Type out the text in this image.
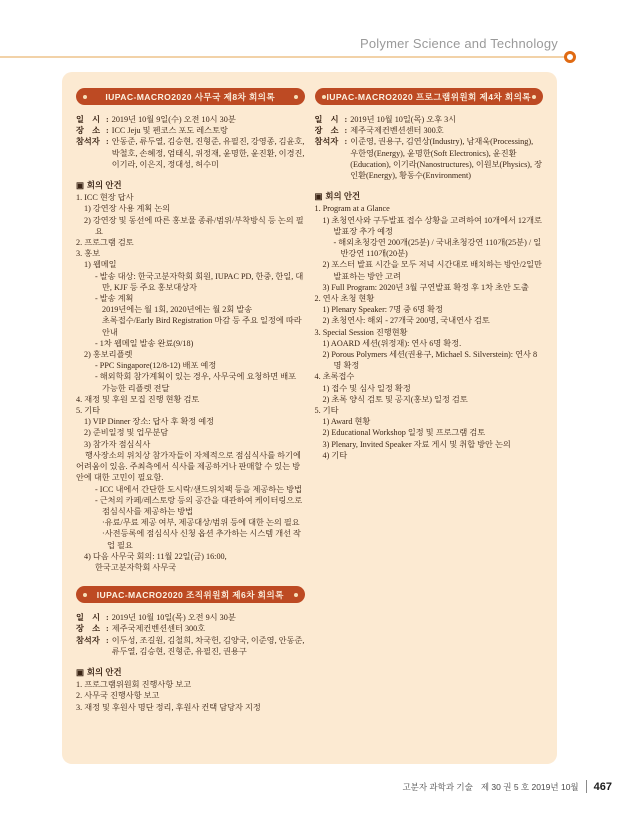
Polymer Science and Technology
IUPAC-MACRO2020 사무국 제8차 회의록
일　시 : 2019년 10월 9일(수) 오전 10시 30분
장　소 : ICC Jeju 및 펜코스 포도 레스토랑
참석자 : 안동준, 류두열, 김승현, 진형준, 유필진, 강영종, 김윤호, 박철호, 손혜정, 엄태식, 위정재, 윤명한, 윤진환, 이경진, 이기라, 이은지, 정대성, 허수미
▣ 회의 안건
1. ICC 현장 답사
1) 강연장 사용 계획 논의
2) 강연장 및 동선에 따른 홍보물 종류/범위/부착방식 등 논의 필요
2. 프로그램 검토
3. 홍보
1) 웹메일
- 발송 대상: 한국고분자학회 회원, IUPAC PD, 한중, 한일, 대만, KJF 등 주요 홍보대상자
- 발송 계획
2019년에는 월 1회, 2020년에는 월 2회 발송
초록접수/Early Bird Registration 마감 등 주요 일정에 따라 안내
- 1차 웹메일 발송 완료(9/18)
2) 홍보리플렛
- PPC Singapore(12/8-12) 배포 예정
- 해외학회 참가계획이 있는 경우, 사무국에 요청하면 배포 가능한 리플렛 전달
4. 재정 및 후원 모집 진행 현황 검토
5. 기타
1) VIP Dinner 장소: 답사 후 확정 예정
2) 준비일정 및 업무분담
3) 참가자 점심식사
행사장소의 위치상 참가자들이 자체적으로 점심식사를 하기에 어려움이 있음. 주최측에서 식사를 제공하거나 판매할 수 있는 방안에 대한 고민이 필요함.
- ICC 내에서 간단한 도시락/샌드위치팩 등을 제공하는 방법
- 근처의 카페/레스토랑 등의 공간을 대관하여 케이터링으로 점심식사를 제공하는 방법
·유료/무료 제공 여부, 제공대상/범위 등에 대한 논의 필요
·사전등록에 점심식사 신청 옵션 추가하는 시스템 개선 작업 필요
4) 다음 사무국 회의: 11월 22일(금) 16:00,
한국고분자학회 사무국
IUPAC-MACRO2020 조직위원회 제6차 회의록
일　시 : 2019년 10월 10일(목) 오전 9시 30분
장　소 : 제주국제컨벤션센터 300호
참석자 : 이두성, 조길원, 김철희, 차국헌, 김양국, 이준영, 안동준, 류두열, 김승현, 진형준, 유필진, 권용구
▣ 회의 안건
1. 프로그램위원회 진행사항 보고
2. 사무국 진행사항 보고
3. 재정 및 후원사 명단 정리, 후원사 컨택 담당자 지정
IUPAC-MACRO2020 프로그램위원회 제4차 회의록
일　시 : 2019년 10월 10일(목) 오후 3시
장　소 : 제주국제컨벤션센터 300호
참석자 : 이준영, 권용구, 김연상(Industry), 남재욱(Processing), 우한영(Energy), 윤명한(Soft Electronics), 윤진환(Education), 이기라(Nanostructures), 이원보(Physics), 장인환(Energy), 황동수(Environment)
▣ 회의 안건
1. Program at a Glance
1) 초청연사와 구두발표 접수 상황을 고려하여 10개에서 12개로 발표장 추가 예정
- 해외초청강연 200개(25분) / 국내초청강연 110개(25분) / 일반강연 110개(20분)
2) 포스터 발표 시간을 모두 저녁 시간대로 배치하는 방안/2일만 발표하는 방안 고려
3) Full Program: 2020년 3월 구연발표 확정 후 1차 초안 도출
2. 연사 초청 현황
1) Plenary Speaker: 7명 중 6명 확정
2) 초청연사: 해외 - 27개국 200명, 국내연사 검토
3. Special Session 진행현황
1) AOARD 세션(위정재): 연사 6명 확정.
2) Porous Polymers 세션(권용구, Michael S. Silverstein): 연사 8명 확정
4. 초록접수
1) 접수 및 심사 일정 확정
2) 초록 양식 검토 및 공지(홍보) 일정 검토
5. 기타
1) Award 현황
2) Educational Workshop 일정 및 프로그램 검토
3) Plenary, Invited Speaker 자료 게시 및 취합 방안 논의
4) 기타
고분자 과학과 기술 제 30 권 5 호 2019년 10월 467
